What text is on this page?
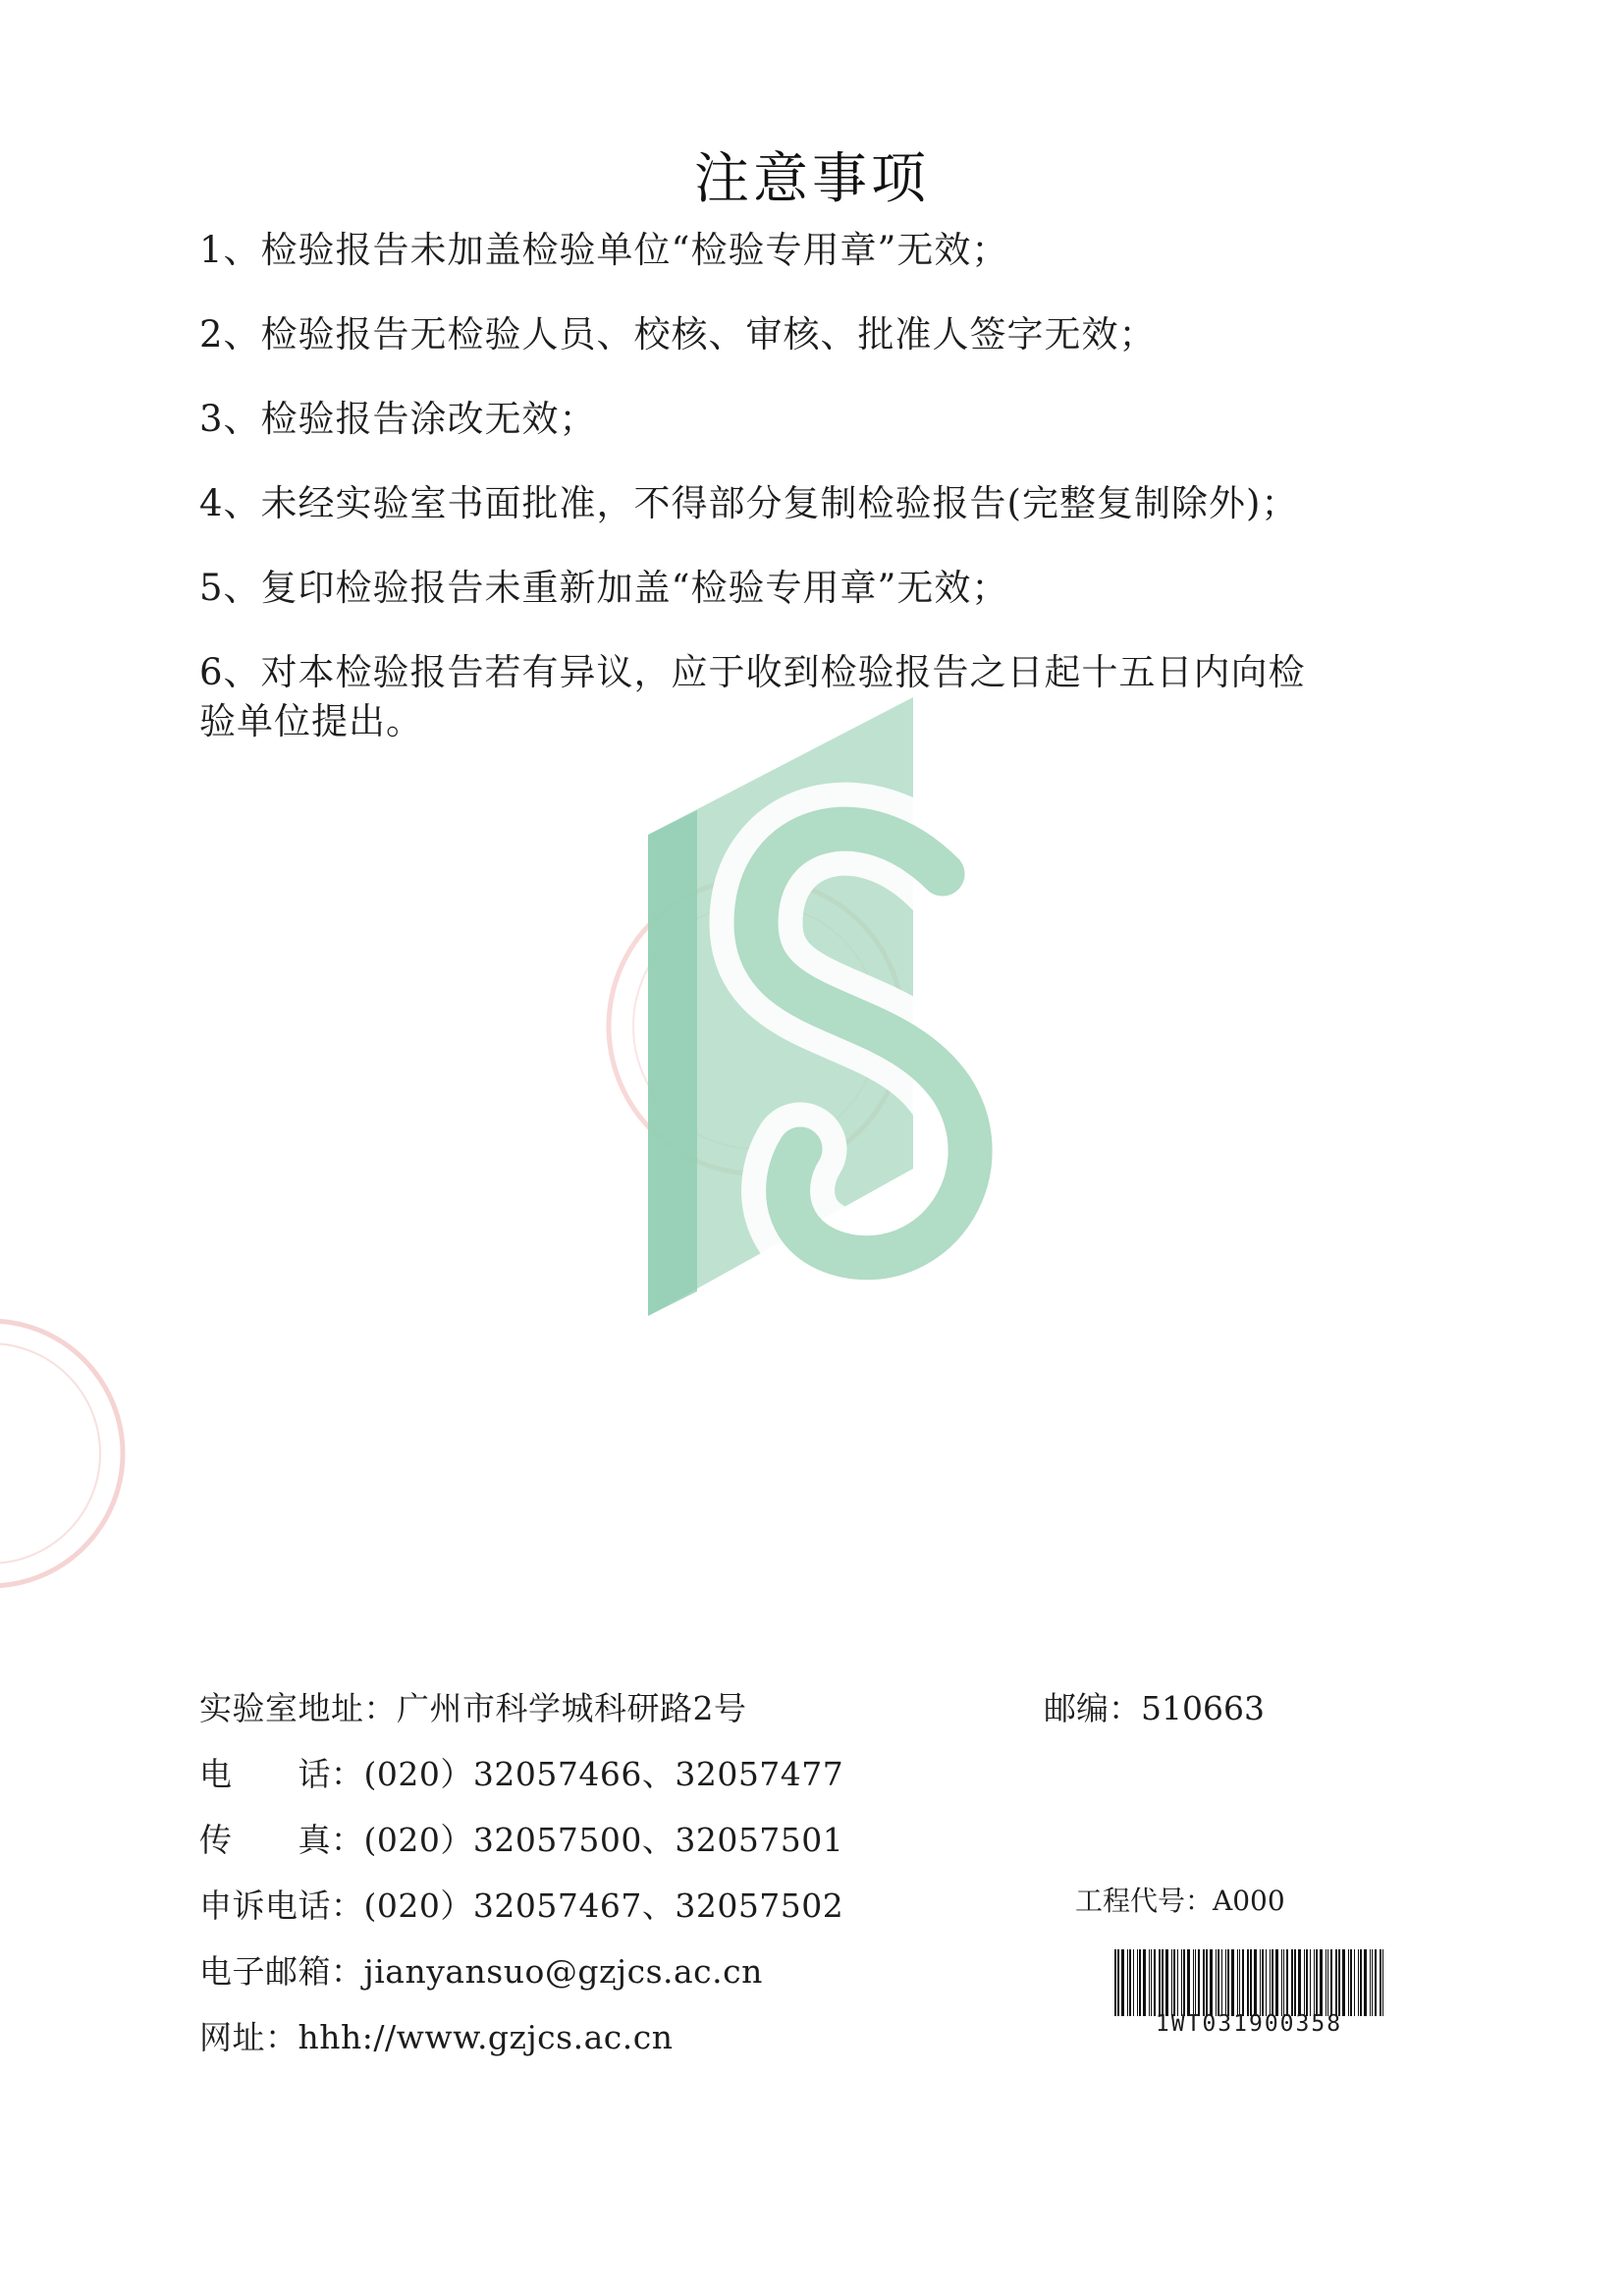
注意事项
1、检验报告未加盖检验单位“检验专用章”无效；
2、检验报告无检验人员、校核、审核、批准人签字无效；
3、检验报告涂改无效；
4、未经实验室书面批准，不得部分复制检验报告(完整复制除外)；
5、复印检验报告未重新加盖“检验专用章”无效；
6、对本检验报告若有异议，应于收到检验报告之日起十五日内向检验单位提出。
实验室地址：广州市科学城科研路2号
电　　话：(020）32057466、32057477
传　　真：(020）32057500、32057501
申诉电话：(020）32057467、32057502
电子邮箱：jianyansuo@gzjcs.ac.cn
网址：hhh://www.gzjcs.ac.cn
邮编：510663
工程代号：A000
1WT031900358
